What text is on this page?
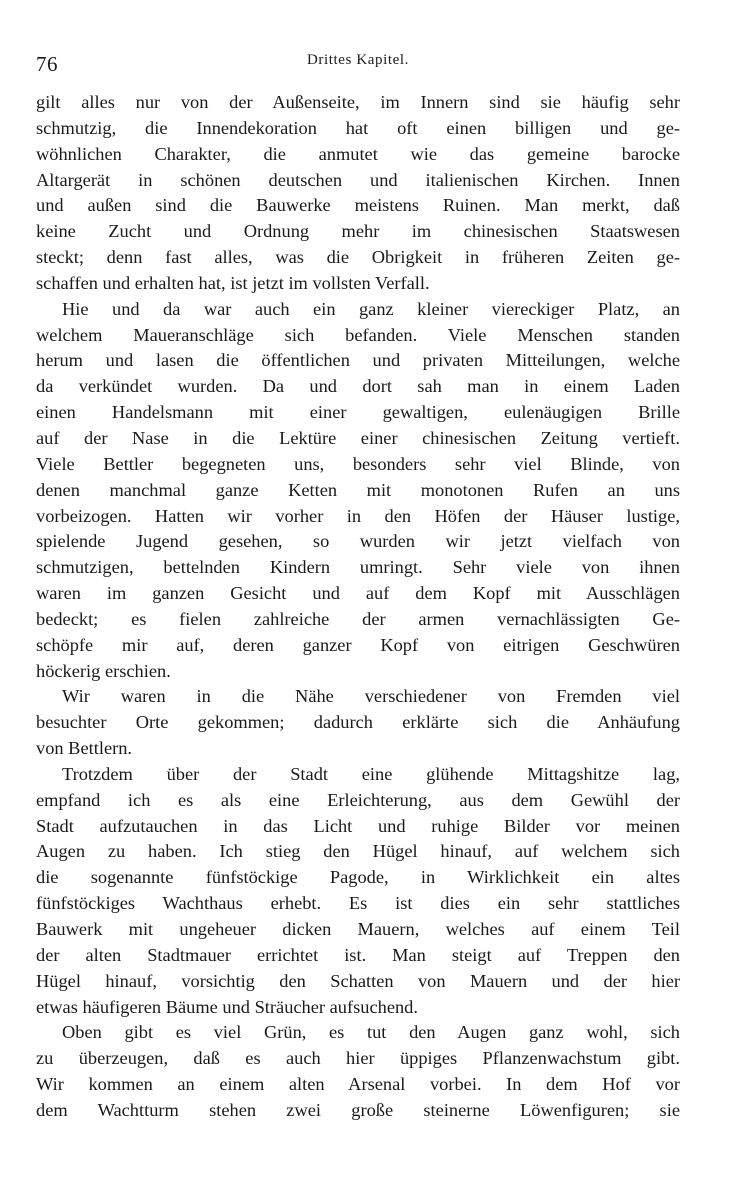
76	Drittes Kapitel.
gilt alles nur von der Außenseite, im Innern sind sie häufig sehr
schmutzig, die Innendekoration hat oft einen billigen und ge-
wöhnlichen Charakter, die anmutet wie das gemeine barocke
Altargerät in schönen deutschen und italienischen Kirchen. Innen
und außen sind die Bauwerke meistens Ruinen. Man merkt, daß
keine Zucht und Ordnung mehr im chinesischen Staatswesen
steckt; denn fast alles, was die Obrigkeit in früheren Zeiten ge-
schaffen und erhalten hat, ist jetzt im vollsten Verfall.
Hie und da war auch ein ganz kleiner viereckiger Platz, an
welchem Maueranschläge sich befanden. Viele Menschen standen
herum und lasen die öffentlichen und privaten Mitteilungen, welche
da verkündet wurden. Da und dort sah man in einem Laden
einen Handelsmann mit einer gewaltigen, eulenäugigen Brille
auf der Nase in die Lektüre einer chinesischen Zeitung vertieft.
Viele Bettler begegneten uns, besonders sehr viel Blinde, von
denen manchmal ganze Ketten mit monotonen Rufen an uns
vorbeizogen. Hatten wir vorher in den Höfen der Häuser lustige,
spielende Jugend gesehen, so wurden wir jetzt vielfach von
schmutzigen, bettelnden Kindern umringt. Sehr viele von ihnen
waren im ganzen Gesicht und auf dem Kopf mit Ausschlägen
bedeckt; es fielen zahlreiche der armen vernachlässigten Ge-
schöpfe mir auf, deren ganzer Kopf von eitrigen Geschwüren
höckerig erschien.
Wir waren in die Nähe verschiedener von Fremden viel
besuchter Orte gekommen; dadurch erklärte sich die Anhäufung
von Bettlern.
Trotzdem über der Stadt eine glühende Mittagshitze lag,
empfand ich es als eine Erleichterung, aus dem Gewühl der
Stadt aufzutauchen in das Licht und ruhige Bilder vor meinen
Augen zu haben. Ich stieg den Hügel hinauf, auf welchem sich
die sogenannte fünfstöckige Pagode, in Wirklichkeit ein altes
fünfstöckiges Wachthaus erhebt. Es ist dies ein sehr stattliches
Bauwerk mit ungeheuer dicken Mauern, welches auf einem Teil
der alten Stadtmauer errichtet ist. Man steigt auf Treppen den
Hügel hinauf, vorsichtig den Schatten von Mauern und der hier
etwas häufigeren Bäume und Sträucher aufsuchend.
Oben gibt es viel Grün, es tut den Augen ganz wohl, sich
zu überzeugen, daß es auch hier üppiges Pflanzenwachstum gibt.
Wir kommen an einem alten Arsenal vorbei. In dem Hof vor
dem Wachtturm stehen zwei große steinerne Löwenfiguren; sie
